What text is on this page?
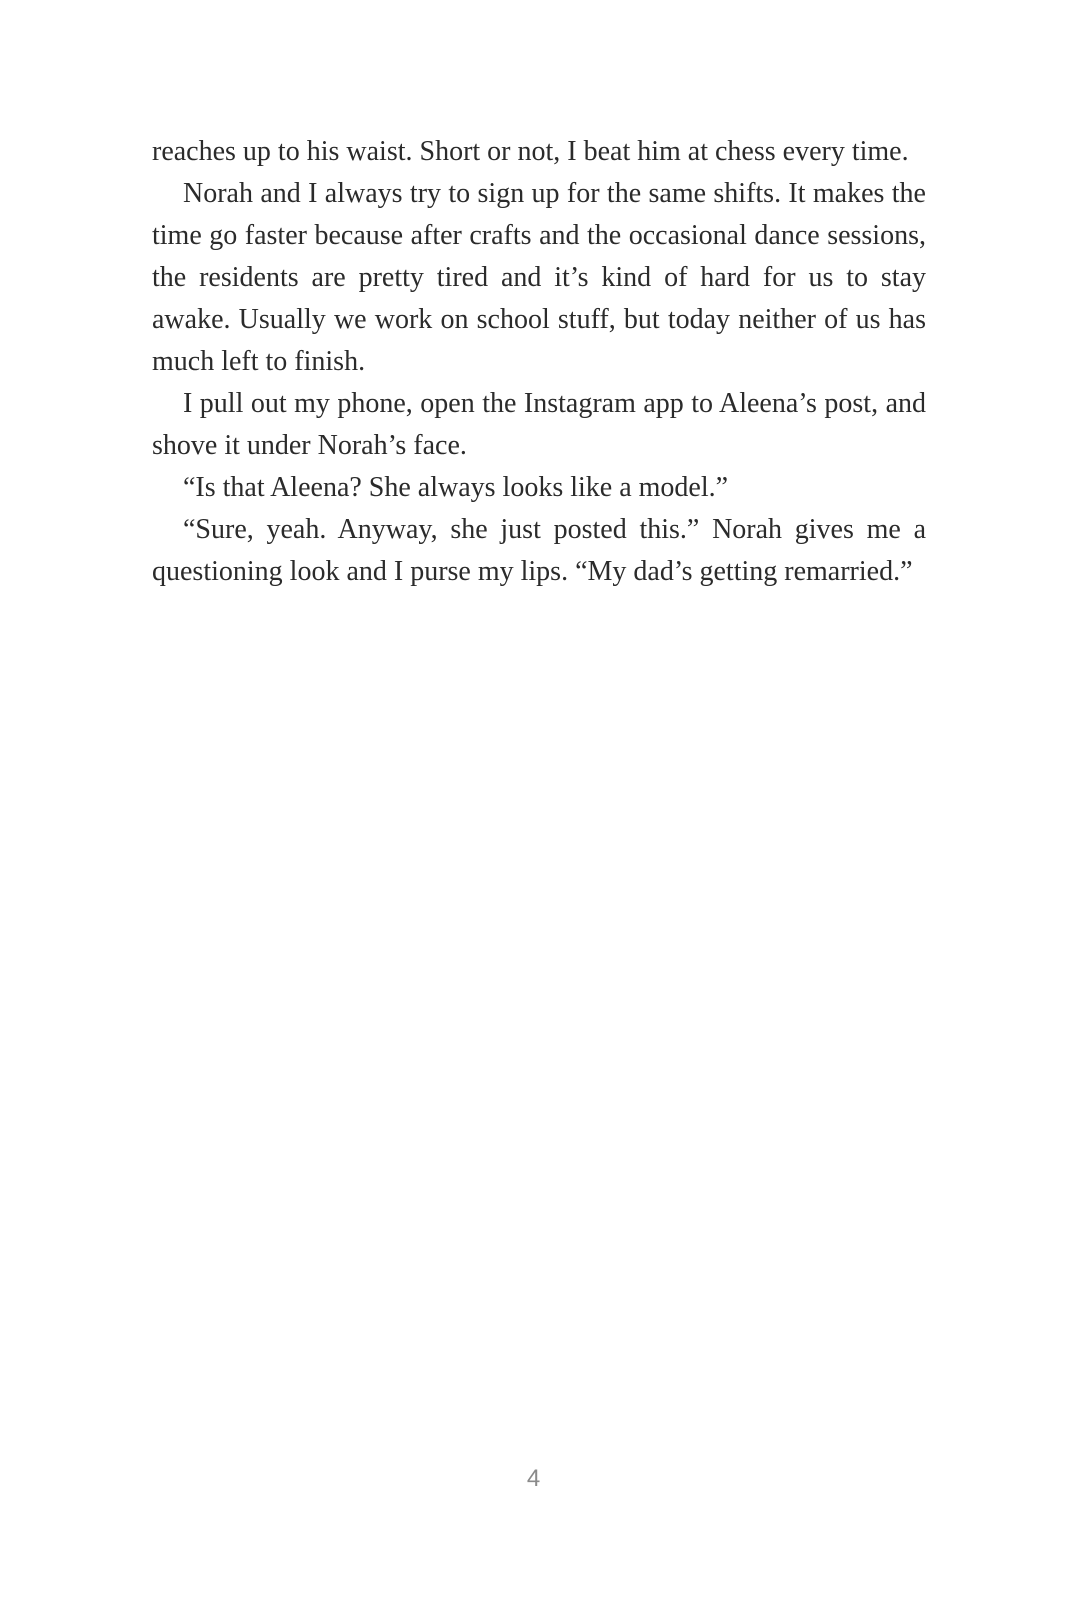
reaches up to his waist. Short or not, I beat him at chess every time.

Norah and I always try to sign up for the same shifts. It makes the time go faster because after crafts and the occasional dance sessions, the residents are pretty tired and it’s kind of hard for us to stay awake. Usually we work on school stuff, but today neither of us has much left to finish.

I pull out my phone, open the Instagram app to Aleena’s post, and shove it under Norah’s face.

“Is that Aleena? She always looks like a model.”

“Sure, yeah. Anyway, she just posted this.” Norah gives me a questioning look and I purse my lips. “My dad’s getting remarried.”

4
